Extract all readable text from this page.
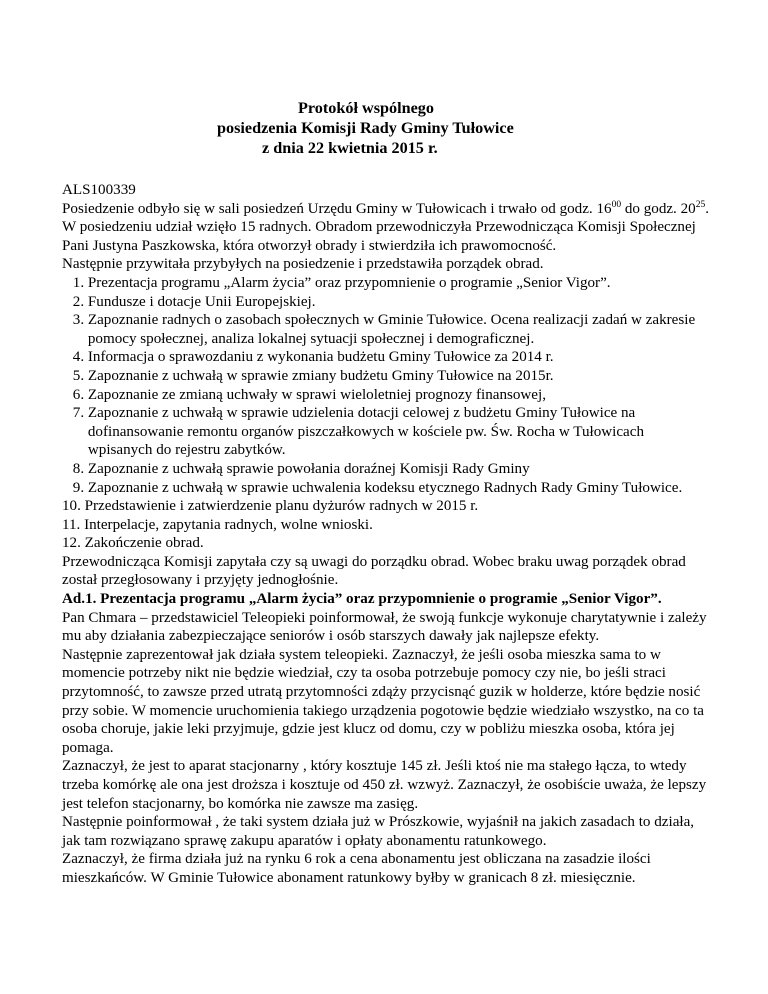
Protokół wspólnego
posiedzenia Komisji Rady Gminy Tułowice
z dnia 22 kwietnia 2015 r.

ALS100339

Posiedzenie odbyło się w sali posiedzeń Urzędu Gminy w Tułowicach i trwało od godz. $16^{00}$ do godz. $20^{25}$. W posiedzeniu udział wzięło 15 radnych. Obradom przewodniczyła Przewodnicząca Komisji Społecznej Pani Justyna Paszkowska, która otworzył obrady i stwierdziła ich prawomocność.

Następnie przywitała przybyłych na posiedzenie i przedstawiła porządek obrad.

1. Prezentacja programu „Alarm życia” oraz przypomnienie o programie „Senior Vigor”.
2. Fundusze i dotacje Unii Europejskiej.
3. Zapoznanie radnych o zasobach społecznych w Gminie Tułowice. Ocena realizacji zadań w zakresie pomocy społecznej, analiza lokalnej sytuacji społecznej i demograficznej.
4. Informacja o sprawozdaniu z wykonania budżetu Gminy Tułowice za 2014 r.
5. Zapoznanie z uchwałą w sprawie zmiany budżetu Gminy Tułowice na 2015r.
6. Zapoznanie ze zmianą uchwały w sprawi wieloletniej prognozy finansowej,
7. Zapoznanie z uchwałą w sprawie udzielenia dotacji celowej z budżetu Gminy Tułowice na dofinansowanie remontu organów piszczałkowych w kościele pw. Św. Rocha w Tułowicach wpisanych do rejestru zabytków.
8. Zapoznanie z uchwałą sprawie powołania doraźnej Komisji Rady Gminy
9. Zapoznanie z uchwałą w sprawie uchwalenia kodeksu etycznego Radnych Rady Gminy Tułowice.
10. Przedstawienie i zatwierdzenie planu dyżurów radnych w 2015 r.
11. Interpelacje, zapytania radnych, wolne wnioski.
12. Zakończenie obrad.

Przewodnicząca Komisji zapytała czy są uwagi do porządku obrad. Wobec braku uwag porządek obrad został przegłosowany i przyjęty jednogłośnie.

Ad.1. Prezentacja programu „Alarm życia” oraz przypomnienie o programie „Senior Vigor”.

Pan Chmara – przedstawiciel Teleopieki poinformował, że swoją funkcje wykonuje charytatywnie i zależy mu aby działania zabezpieczające seniorów i osób starszych dawały jak najlepsze efekty.

Następnie zaprezentował jak działa system teleopieki. Zaznaczył, że jeśli osoba mieszka sama to w momencie potrzeby nikt nie będzie wiedział, czy ta osoba potrzebuje pomocy czy nie, bo jeśli straci przytomność, to zawsze przed utratą przytomności zdąży przycisnąć guzik w holderze, które będzie nosić przy sobie. W momencie uruchomienia takiego urządzenia pogotowie będzie wiedziało wszystko, na co ta osoba choruje, jakie leki przyjmuje, gdzie jest klucz od domu, czy w pobliżu mieszka osoba, która jej pomaga.

Zaznaczył, że jest to aparat stacjonarny , który kosztuje 145 zł. Jeśli ktoś nie ma stałego łącza, to wtedy trzeba komórkę ale ona jest droższa i kosztuje od 450 zł. wzwyż. Zaznaczył, że osobiście uważa, że lepszy jest telefon stacjonarny, bo komórka nie zawsze ma zasięg.

Następnie poinformował , że taki system działa już w Prószkowie, wyjaśnił na jakich zasadach to działa, jak tam rozwiązano sprawę zakupu aparatów i opłaty abonamentu ratunkowego.

Zaznaczył, że firma działa już na rynku 6 rok a cena abonamentu jest obliczana na zasadzie ilości mieszkańców. W Gminie Tułowice abonament ratunkowy byłby w granicach 8 zł. miesięcznie.
